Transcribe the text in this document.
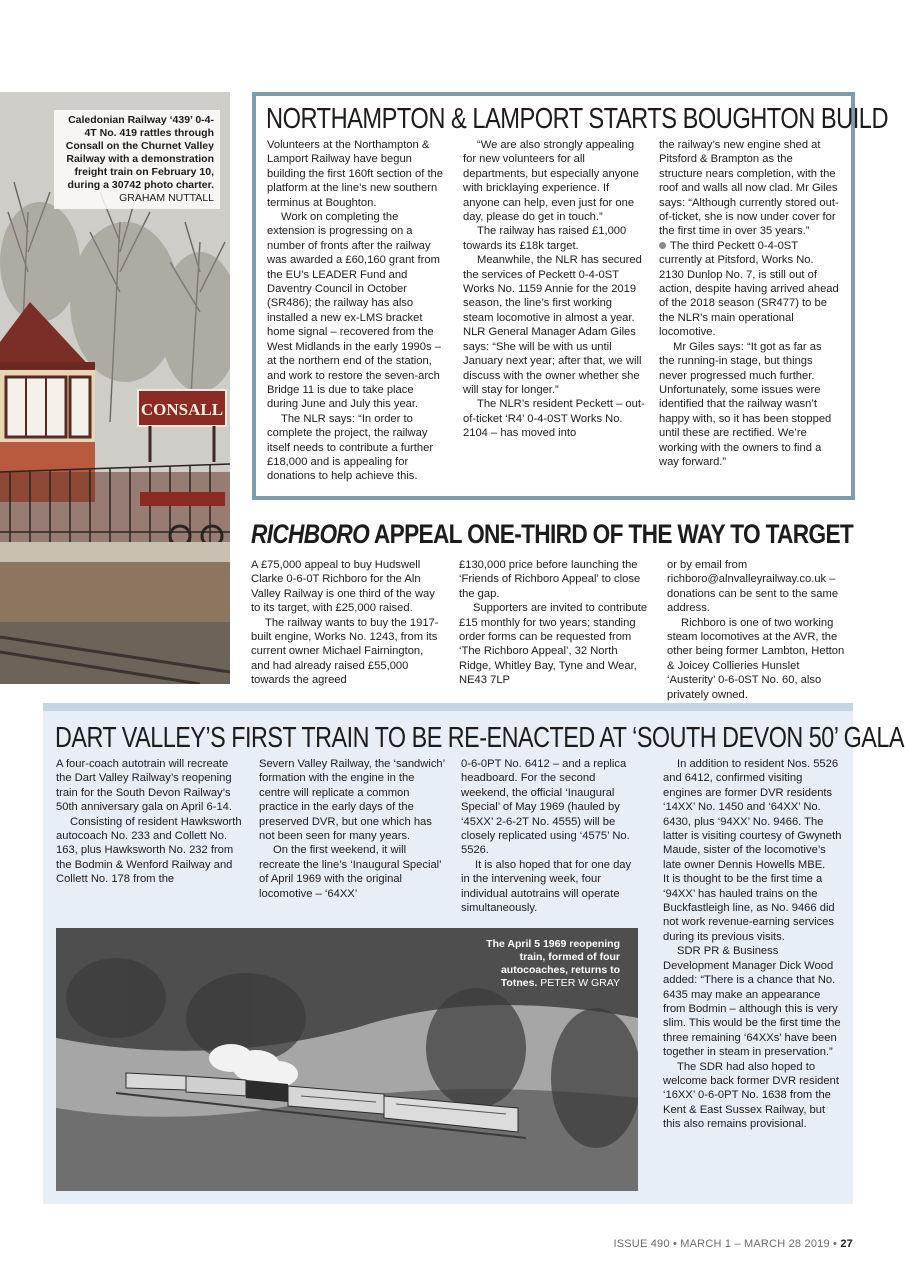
CONSALL
Caledonian Railway ‘439’ 0-4-4T No. 419 rattles through Consall on the Churnet Valley Railway with a demonstration freight train on February 10, during a 30742 photo charter. GRAHAM NUTTALL
NORTHAMPTON & LAMPORT STARTS BOUGHTON BUILD

Volunteers at the Northampton & Lamport Railway have begun building the first 160ft section of the platform at the line’s new southern terminus at Boughton.

Work on completing the extension is progressing on a number of fronts after the railway was awarded a £60,160 grant from the EU’s LEADER Fund and Daventry Council in October (SR486); the railway has also installed a new ex-LMS bracket home signal – recovered from the West Midlands in the early 1990s – at the northern end of the station, and work to restore the seven-arch Bridge 11 is due to take place during June and July this year.

The NLR says: “In order to complete the project, the railway itself needs to contribute a further £18,000 and is appealing for donations to help achieve this.

“We are also strongly appealing for new volunteers for all departments, but especially anyone with bricklaying experience. If anyone can help, even just for one day, please do get in touch.”

The railway has raised £1,000 towards its £18k target.

Meanwhile, the NLR has secured the services of Peckett 0-4-0ST Works No. 1159 Annie for the 2019 season, the line’s first working steam locomotive in almost a year. NLR General Manager Adam Giles says: “She will be with us until January next year; after that, we will discuss with the owner whether she will stay for longer.”

The NLR’s resident Peckett – out-of-ticket ‘R4’ 0-4-0ST Works No. 2104 – has moved into

the railway’s new engine shed at Pitsford & Brampton as the structure nears completion, with the roof and walls all now clad. Mr Giles says: “Although currently stored out-of-ticket, she is now under cover for the first time in over 35 years.”

The third Peckett 0-4-0ST currently at Pitsford, Works No. 2130 Dunlop No. 7, is still out of action, despite having arrived ahead of the 2018 season (SR477) to be the NLR’s main operational locomotive.

Mr Giles says: “It got as far as the running-in stage, but things never progressed much further. Unfortunately, some issues were identified that the railway wasn’t happy with, so it has been stopped until these are rectified. We’re working with the owners to find a way forward.”

RICHBORO APPEAL ONE-THIRD OF THE WAY TO TARGET

A £75,000 appeal to buy Hudswell Clarke 0-6-0T Richboro for the Aln Valley Railway is one third of the way to its target, with £25,000 raised.

The railway wants to buy the 1917-built engine, Works No. 1243, from its current owner Michael Fairnington, and had already raised £55,000 towards the agreed

£130,000 price before launching the ‘Friends of Richboro Appeal’ to close the gap.

Supporters are invited to contribute £15 monthly for two years; standing order forms can be requested from ‘The Richboro Appeal’, 32 North Ridge, Whitley Bay, Tyne and Wear, NE43 7LP

or by email from richboro@alnvalleyrailway.co.uk – donations can be sent to the same address.

Richboro is one of two working steam locomotives at the AVR, the other being former Lambton, Hetton & Joicey Collieries Hunslet ‘Austerity’ 0-6-0ST No. 60, also privately owned.

DART VALLEY’S FIRST TRAIN TO BE RE-ENACTED AT ‘SOUTH DEVON 50’ GALA

A four-coach autotrain will recreate the Dart Valley Railway’s reopening train for the South Devon Railway’s 50th anniversary gala on April 6-14.

Consisting of resident Hawksworth autocoach No. 233 and Collett No. 163, plus Hawksworth No. 232 from the Bodmin & Wenford Railway and Collett No. 178 from the

Severn Valley Railway, the ‘sandwich’ formation with the engine in the centre will replicate a common practice in the early days of the preserved DVR, but one which has not been seen for many years.

On the first weekend, it will recreate the line’s ‘Inaugural Special’ of April 1969 with the original locomotive – ‘64XX’

0-6-0PT No. 6412 – and a replica headboard. For the second weekend, the official ‘Inaugural Special’ of May 1969 (hauled by ‘45XX’ 2-6-2T No. 4555) will be closely replicated using ‘4575’ No. 5526.

It is also hoped that for one day in the intervening week, four individual autotrains will operate simultaneously.

In addition to resident Nos. 5526 and 6412, confirmed visiting engines are former DVR residents ‘14XX’ No. 1450 and ‘64XX’ No. 6430, plus ‘94XX’ No. 9466. The latter is visiting courtesy of Gwyneth Maude, sister of the locomotive’s late owner Dennis Howells MBE.

It is thought to be the first time a ‘94XX’ has hauled trains on the Buckfastleigh line, as No. 9466 did not work revenue-earning services during its previous visits.

SDR PR & Business Development Manager Dick Wood added: “There is a chance that No. 6435 may make an appearance from Bodmin – although this is very slim. This would be the first time the three remaining ‘64XXs’ have been together in steam in preservation.”

The SDR had also hoped to welcome back former DVR resident ‘16XX’ 0-6-0PT No. 1638 from the Kent & East Sussex Railway, but this also remains provisional.

The April 5 1969 reopening train, formed of four autocoaches, returns to Totnes. PETER W GRAY
ISSUE 490 • MARCH 1 – MARCH 28 2019 • 27
